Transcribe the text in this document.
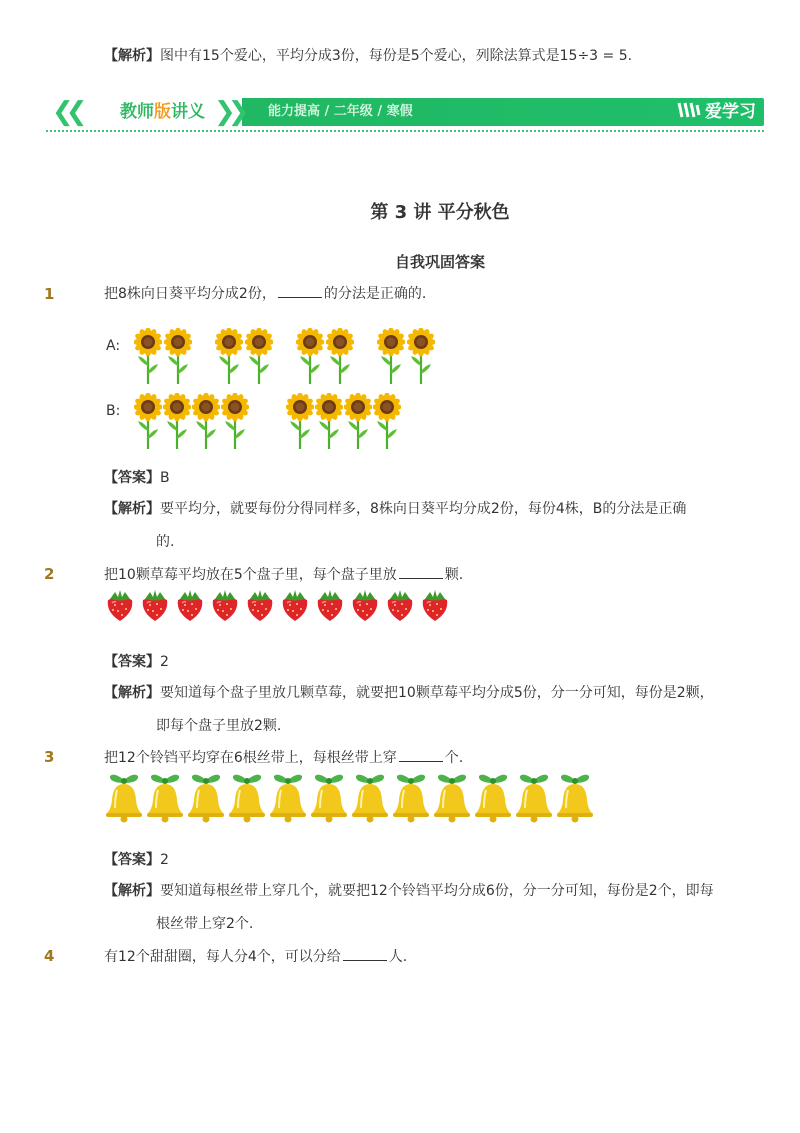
【解析】图中有15个爱心，平均分成3份，每份是5个爱心，列除法算式是15÷3 = 5.
❮❮ 教师版讲义 ❯❯ 能力提高 / 二年级 / 寒假	爱学习
第 3 讲 平分秋色
自我巩固答案
1	把8株向日葵平均分成2份，	的分法是正确的.
A:
B:
【答案】B
【解析】要平均分，就要每份分得同样多，8株向日葵平均分成2份，每份4株，B的分法是正确
的.
2	把10颗草莓平均放在5个盘子里，每个盘子里放	颗.
【答案】2
【解析】要知道每个盘子里放几颗草莓，就要把10颗草莓平均分成5份，分一分可知，每份是2颗，
即每个盘子里放2颗.
3	把12个铃铛平均穿在6根丝带上，每根丝带上穿	个.
【答案】2
【解析】要知道每根丝带上穿几个，就要把12个铃铛平均分成6份，分一分可知，每份是2个，即每
根丝带上穿2个.
4	有12个甜甜圈，每人分4个，可以分给	人.
